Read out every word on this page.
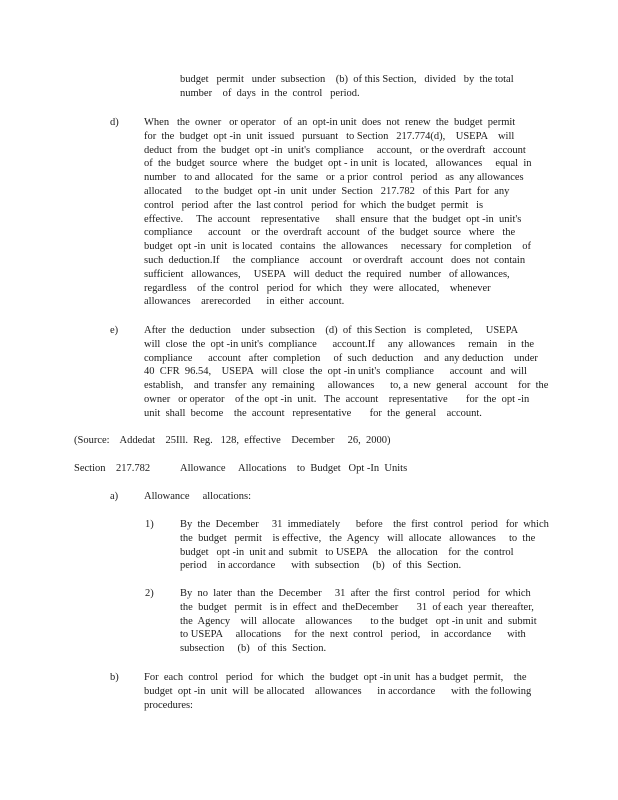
budget   permit   under  subsection    (b)  of this Section,   divided   by  the total
number    of  days  in  the  control   period.
d) When   the  owner   or operator   of  an  opt-in unit  does  not  renew  the  budget  permit
for  the  budget  opt -in  unit  issued   pursuant   to Section   217.774(d),    USEPA    will
deduct  from  the  budget  opt -in  unit's  compliance     account,   or the overdraft   account
of  the  budget  source  where   the  budget  opt - in unit  is  located,   allowances     equal  in
number   to and  allocated   for  the  same   or  a prior  control   period   as  any allowances
allocated     to the  budget  opt -in  unit  under  Section   217.782   of this  Part  for  any
control   period  after  the  last control   period  for  which  the budget  permit   is
effective.     The  account    representative      shall  ensure  that  the  budget  opt -in  unit's
compliance      account    or  the  overdraft  account   of  the  budget  source   where   the
budget  opt -in  unit  is located   contains   the  allowances     necessary   for completion    of
such  deduction.If     the  compliance    account    or overdraft   account   does  not  contain
sufficient   allowances,     USEPA   will  deduct  the  required   number   of allowances,
regardless    of  the  control   period  for  which   they  were  allocated,    whenever
allowances    arerecorded      in  either  account.
e) After  the  deduction    under  subsection    (d)  of  this Section   is  completed,     USEPA
will  close  the  opt -in unit's  compliance      account.If     any  allowances     remain    in  the
compliance      account   after  completion     of  such  deduction    and  any deduction    under
40  CFR  96.54,    USEPA   will  close  the  opt -in unit's  compliance      account   and  will
establish,    and  transfer  any  remaining     allowances      to, a  new  general   account    for  the
owner   or operator    of the  opt -in  unit.   The  account    representative       for  the  opt -in
unit  shall  become    the  account   representative       for  the  general    account.
(Source:    Addedat    25Ill.  Reg.   128,  effective    December     26,  2000)
Section    217.782	Allowance     Allocations    to  Budget   Opt -In  Units
a) Allowance     allocations:
1)	By  the  December     31  immediately      before    the  first  control   period   for  which
the  budget   permit    is effective,   the  Agency   will  allocate   allowances     to  the
budget   opt -in  unit and  submit   to USEPA    the  allocation    for  the  control
period    in accordance      with  subsection     (b)   of  this  Section.
2)	By  no  later  than  the  December     31  after  the  first  control   period   for  which
the  budget   permit   is in  effect  and  theDecember       31  of each  year  thereafter,
the  Agency    will  allocate    allowances       to the  budget   opt -in unit  and  submit
to USEPA     allocations     for  the  next  control   period,    in  accordance      with
subsection     (b)   of  this  Section.
b) For  each  control   period   for  which   the  budget  opt -in unit  has a budget  permit,    the
budget  opt -in  unit  will  be allocated    allowances      in accordance      with  the following
procedures:
